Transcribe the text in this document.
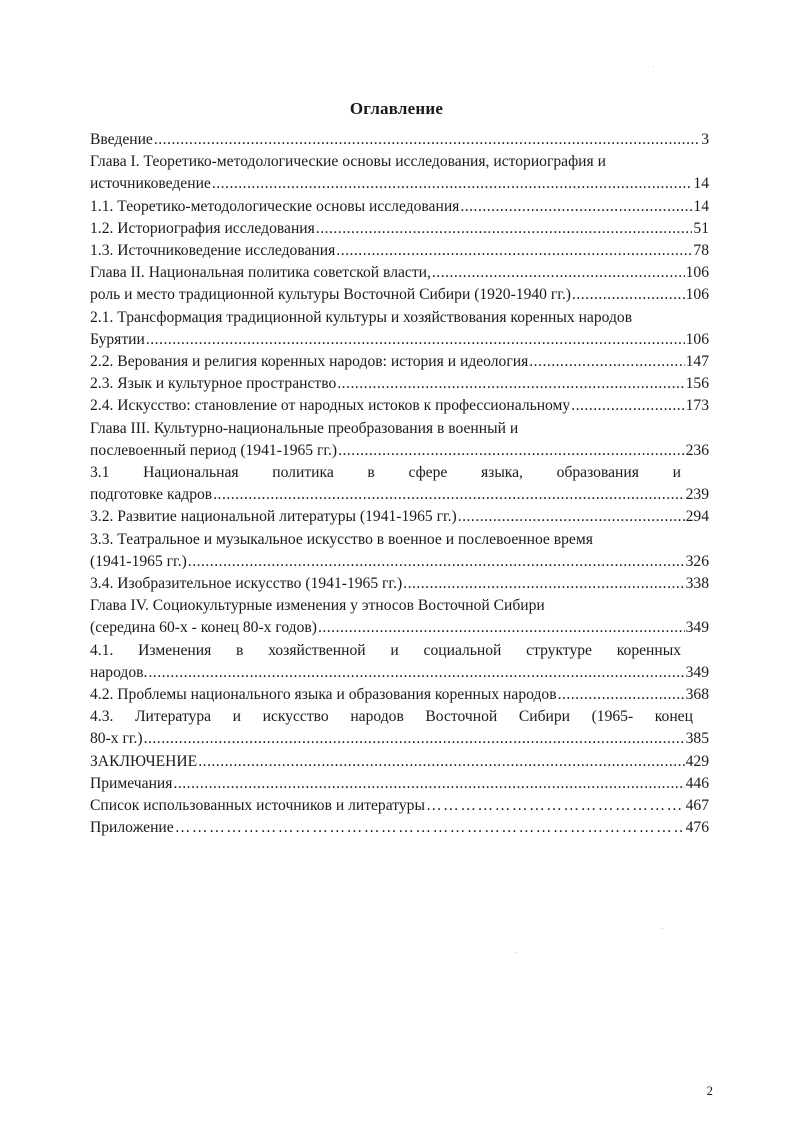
Оглавление
Введение .....	3
Глава I. Теоретико-методологические основы исследования, историография и
источниковедение .....	14
1.1. Теоретико-методологические основы исследования .....	14
1.2. Историография исследования .....	51
1.3. Источниковедение исследования .....	78
Глава II. Национальная политика советской власти, .....	106
роль и место традиционной культуры Восточной Сибири (1920-1940 гг.) .....	106
2.1. Трансформация традиционной культуры и хозяйствования коренных народов
Бурятии .....	106
2.2. Верования и религия коренных народов: история и идеология .....	147
2.3. Язык и культурное пространство .....	156
2.4. Искусство: становление от народных истоков к профессиональному .....	173
Глава III. Культурно-национальные преобразования в военный и
послевоенный период (1941-1965 гг.) .....	236
3.1 Национальная политика в сфере языка, образования и
подготовке кадров .....	239
3.2. Развитие национальной литературы (1941-1965 гг.) .....	294
3.3. Театральное и музыкальное искусство в военное и послевоенное время
(1941-1965 гг.) .....	326
3.4. Изобразительное искусство (1941-1965 гг.) .....	338
Глава IV. Социокультурные изменения у этносов Восточной Сибири
(середина 60-х - конец 80-х годов) .....	349
4.1. Изменения в хозяйственной и социальной структуре коренных
народов. .....	349
4.2. Проблемы национального языка и образования коренных народов .....	368
4.3. Литература и искусство народов Восточной Сибири (1965- конец
80-х гг.) .....	385
ЗАКЛЮЧЕНИЕ .....	429
Примечания .....	446
Список использованных источников и литературы ………………………………………………………………………………………………………………………………………………………………	467
Приложение ………………………………………………………………………………………………………………………………………………………………	476
2
